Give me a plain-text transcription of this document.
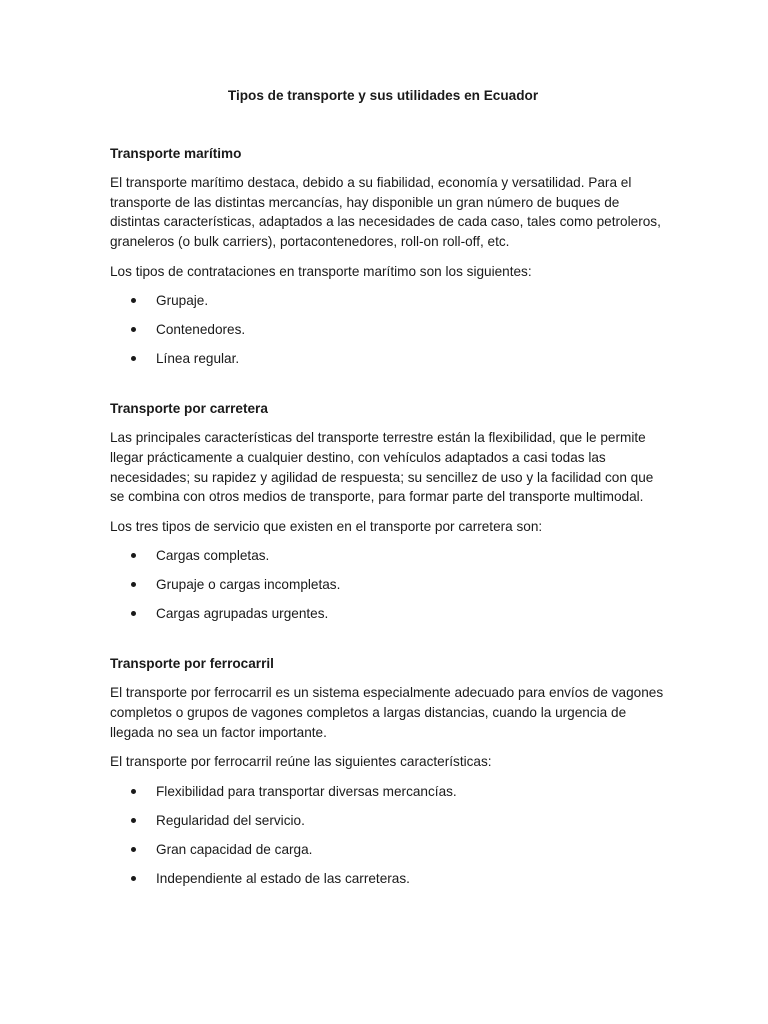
Tipos de transporte y sus utilidades en Ecuador
Transporte marítimo

El transporte marítimo destaca, debido a su fiabilidad, economía y versatilidad. Para el transporte de las distintas mercancías, hay disponible un gran número de buques de distintas características, adaptados a las necesidades de cada caso, tales como petroleros, graneleros (o bulk carriers), portacontenedores, roll-on roll-off, etc.

Los tipos de contrataciones en transporte marítimo son los siguientes:

Grupaje.
Contenedores.
Línea regular.
Transporte por carretera

Las principales características del transporte terrestre están la flexibilidad, que le permite llegar prácticamente a cualquier destino, con vehículos adaptados a casi todas las necesidades; su rapidez y agilidad de respuesta; su sencillez de uso y la facilidad con que se combina con otros medios de transporte, para formar parte del transporte multimodal.

Los tres tipos de servicio que existen en el transporte por carretera son:

Cargas completas.
Grupaje o cargas incompletas.
Cargas agrupadas urgentes.
Transporte por ferrocarril

El transporte por ferrocarril es un sistema especialmente adecuado para envíos de vagones completos o grupos de vagones completos a largas distancias, cuando la urgencia de llegada no sea un factor importante.

El transporte por ferrocarril reúne las siguientes características:

Flexibilidad para transportar diversas mercancías.
Regularidad del servicio.
Gran capacidad de carga.
Independiente al estado de las carreteras.
